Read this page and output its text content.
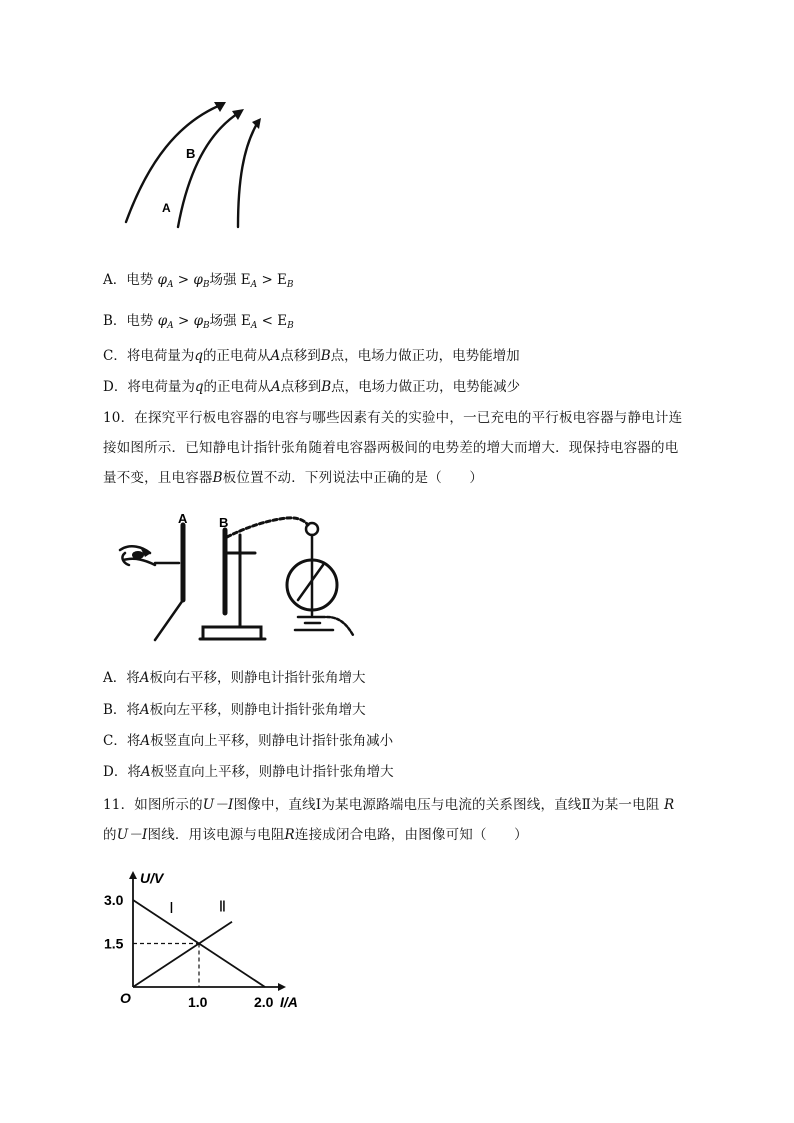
B
A
A．电势 $\varphi_A > \varphi_B$场强 $E_A > E_B$
B．电势 $\varphi_A > \varphi_B$场强 $E_A < E_B$
C．将电荷量为q的正电荷从A点移到B点，电场力做正功，电势能增加
D．将电荷量为q的正电荷从A点移到B点，电场力做正功，电势能减少
10．在探究平行板电容器的电容与哪些因素有关的实验中，一已充电的平行板电容器与静电计连
接如图所示．已知静电计指针张角随着电容器两极间的电势差的增大而增大．现保持电容器的电
量不变，且电容器B板位置不动．下列说法中正确的是（　　）
A B
A．将A板向右平移，则静电计指针张角增大
B．将A板向左平移，则静电计指针张角增大
C．将A板竖直向上平移，则静电计指针张角减小
D．将A板竖直向上平移，则静电计指针张角增大
11．如图所示的U－I图像中，直线Ⅰ为某电源路端电压与电流的关系图线，直线Ⅱ为某一电阻 R
的U－I图线．用该电源与电阻R连接成闭合电路，由图像可知（　　）
1.0	2.0
3.0
1.5
Ⅰ	Ⅱ
U/V
I/A
O
